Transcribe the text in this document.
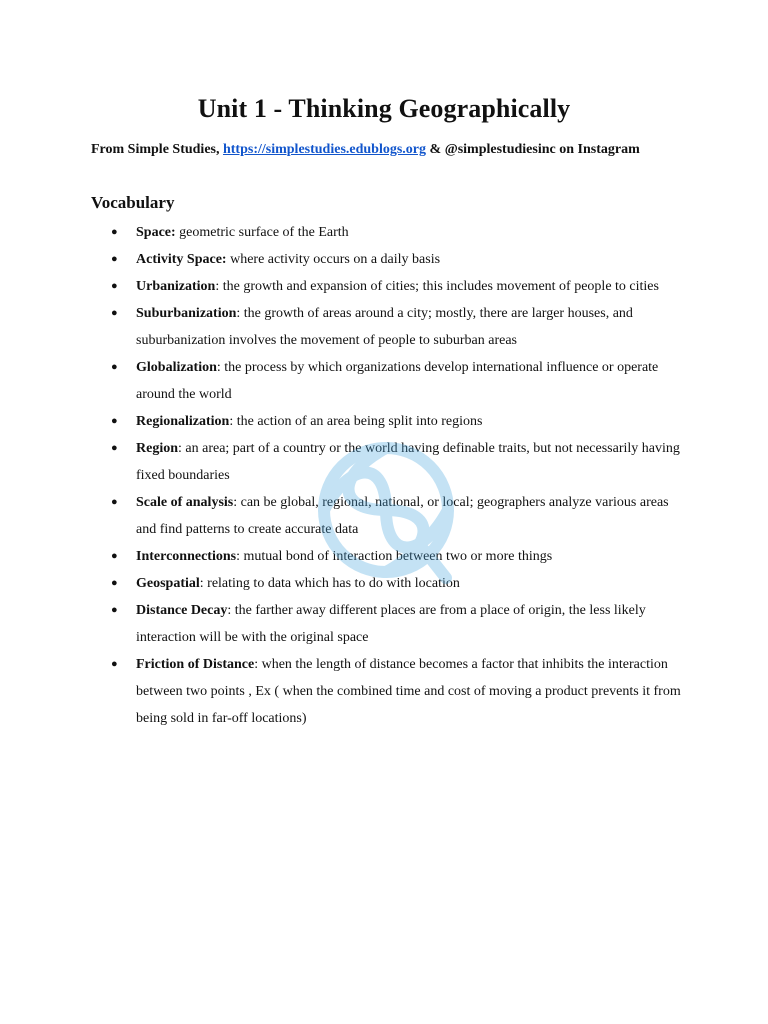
Unit 1 - Thinking Geographically
From Simple Studies, https://simplestudies.edublogs.org & @simplestudiesinc on Instagram
Vocabulary
● Space: geometric surface of the Earth
● Activity Space: where activity occurs on a daily basis
● Urbanization: the growth and expansion of cities; this includes movement of people to cities
● Suburbanization: the growth of areas around a city; mostly, there are larger houses, and suburbanization involves the movement of people to suburban areas
● Globalization: the process by which organizations develop international influence or operate around the world
● Regionalization: the action of an area being split into regions
● Region: an area; part of a country or the world having definable traits, but not necessarily having fixed boundaries
● Scale of analysis: can be global, regional, national, or local; geographers analyze various areas and find patterns to create accurate data
● Interconnections: mutual bond of interaction between two or more things
● Geospatial: relating to data which has to do with location
● Distance Decay: the farther away different places are from a place of origin, the less likely interaction will be with the original space
● Friction of Distance: when the length of distance becomes a factor that inhibits the interaction between two points , Ex ( when the combined time and cost of moving a product prevents it from being sold in far-off locations)
